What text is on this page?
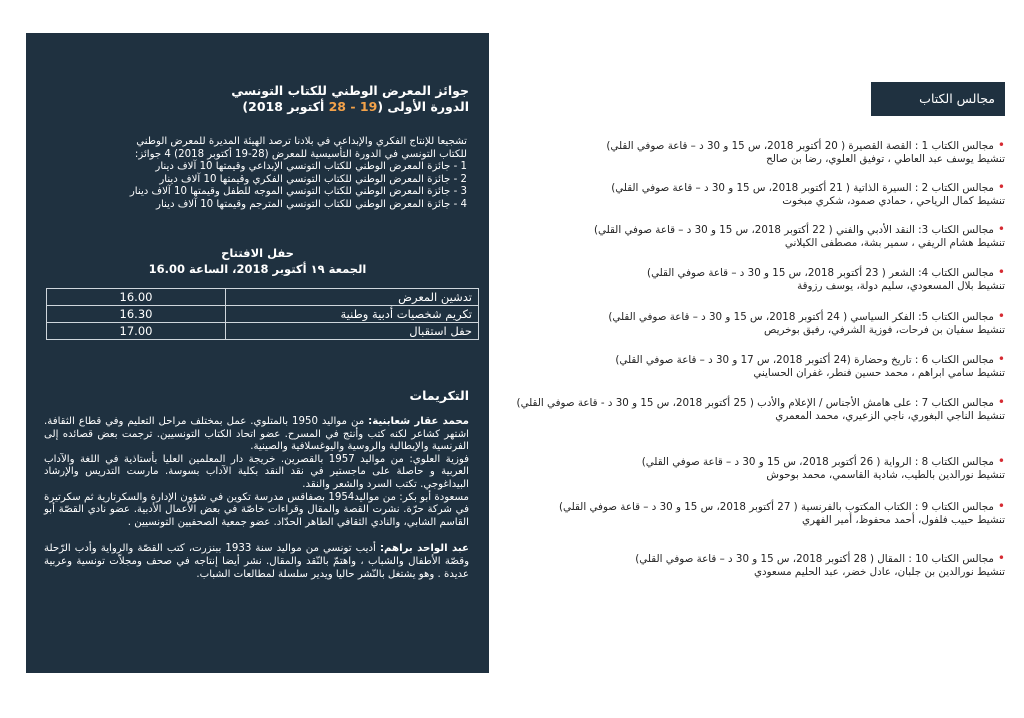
جوائز المعرض الوطني للكتاب التونسي
الدورة الأولى (19 - 28 أكتوبر 2018)

تشجيعا للإنتاج الفكري والإبداعي في بلادنا ترصد الهيئة المديرة للمعرض الوطني

للكتاب التونسي في الدورة التأسيسية للمعرض (28-19 أكتوبر 2018) 4 جوائز:

1 - جائزة المعرض الوطني للكتاب التونسي الإبداعي وقيمتها 10 آلاف دينار

2 - جائزة المعرض الوطني للكتاب التونسي الفكري وقيمتها 10 آلاف دينار

3 - جائزة المعرض الوطني للكتاب التونسي الموجه للطفل وقيمتها 10 آلاف دينار

4 - جائزة المعرض الوطني للكتاب التونسي المترجم وقيمتها 10 آلاف دينار

حفل الافتتاح
الجمعة ١٩ أكتوبر 2018، الساعة 16.00
تدشين المعرض	16.00
تكريم شخصيات أدبية وطنية	16.30
حفل استقبال	17.00
التكريمات

محمد عقار شعابنية: من مواليد 1950 بالمتلوي. عمل بمختلف مراحل التعليم وفي قطاع الثقافة. اشتهر كشاعر لكنه كتب وأنتج في المسرح. عضو اتحاد الكتاب التونسيين. ترجمت بعض قصائده إلى الفرنسية والإيطالية والروسية واليوغسلافية والصينية.

فوزية العلوي: من مواليد 1957 بالقصرين. خريجة دار المعلمين العليا بأستاذية في اللغة والآداب العربية و حاصلة على ماجستير في نقد النقد بكلية الآداب بسوسة. مارست التدريس والإرشاد البيداغوجي. تكتب السرد والشعر والنقد.

مسعودة أبو بكر: من مواليد1954 بصفاقس مدرسة تكوين في شؤون الإدارة والسكرتارية ثم سكرتيرة في شركة حرّة. نشرت القصة والمقال وقراءات خاصّة في بعض الأعمال الأدبية. عضو نادي القصّة أبو القاسم الشابي، والنادي الثقافي الطاهر الحدّاد. عضو جمعية الصحفيين التونسيين .

عبد الواحد براهم: أديب تونسي من مواليد سنة 1933 ببنزرت، كتب القصّة والرواية وأدب الرّحلة وقصّة الأطفال والشباب ، واهتمّ بالنّقد والمقال. نشر أيضا إنتاجه في صحف ومجلاّت تونسية وعربية عديدة . وهو يشتغل بالنّشر حاليا ويدير سلسلة لمطالعات الشباب.

مجالس الكتاب
•مجالس الكتاب 1 : القصة القصيرة ( 20 أكتوبر 2018، س 15 و 30 د – قاعة صوفي القلي)
تنشيط يوسف عبد العاطي ، توفيق العلوي، رضا بن صالح
•مجالس الكتاب 2 : السيرة الذاتية ( 21 أكتوبر 2018، س 15 و 30 د – قاعة صوفي القلي)
تنشيط كمال الرياحي ، حمادي صمود، شكري مبخوت
•مجالس الكتاب 3: النقد الأدبي والفني ( 22 أكتوبر 2018، س 15 و 30 د – قاعة صوفي القلي)
تنشيط هشام الريفي ، سمير بشة، مصطفى الكيلاني
•مجالس الكتاب 4: الشعر ( 23 أكتوبر 2018، س 15 و 30 د – قاعة صوفي القلي)
تنشيط بلال المسعودي، سليم دولة، يوسف رزوقة
•مجالس الكتاب 5: الفكر السياسي ( 24 أكتوبر 2018، س 15 و 30 د – قاعة صوفي القلي)
تنشيط سفيان بن فرحات، فوزية الشرفي، رفيق بوخريص
•مجالس الكتاب 6 : تاريخ وحضارة (24 أكتوبر 2018، س 17 و 30 د – قاعة صوفي القلي)
تنشيط سامي ابراهم ، محمد حسين فنطر، غفران الحسايني
•مجالس الكتاب 7 : على هامش الأجناس / الإعلام والأدب ( 25 أكتوبر 2018، س 15 و 30 د - قاعة صوفي القلي)
تنشيط الناجي البغوري، ناجي الزعيري، محمد المعمري
•مجالس الكتاب 8 : الرواية ( 26 أكتوبر 2018، س 15 و 30 د – قاعة صوفي القلي)
تنشيط نورالدين بالطيب، شادية القاسمي، محمد بوحوش
•مجالس الكتاب 9 : الكتاب المكتوب بالفرنسية ( 27 أكتوبر 2018، س 15 و 30 د – قاعة صوفي القلي)
تنشيط حبيب فلفول، أحمد محفوظ، أمير الفهري
•مجالس الكتاب 10 : المقال ( 28 أكتوبر 2018، س 15 و 30 د – قاعة صوفي القلي)
تنشيط نورالدين بن جلبان، عادل خضر، عبد الحليم مسعودي
